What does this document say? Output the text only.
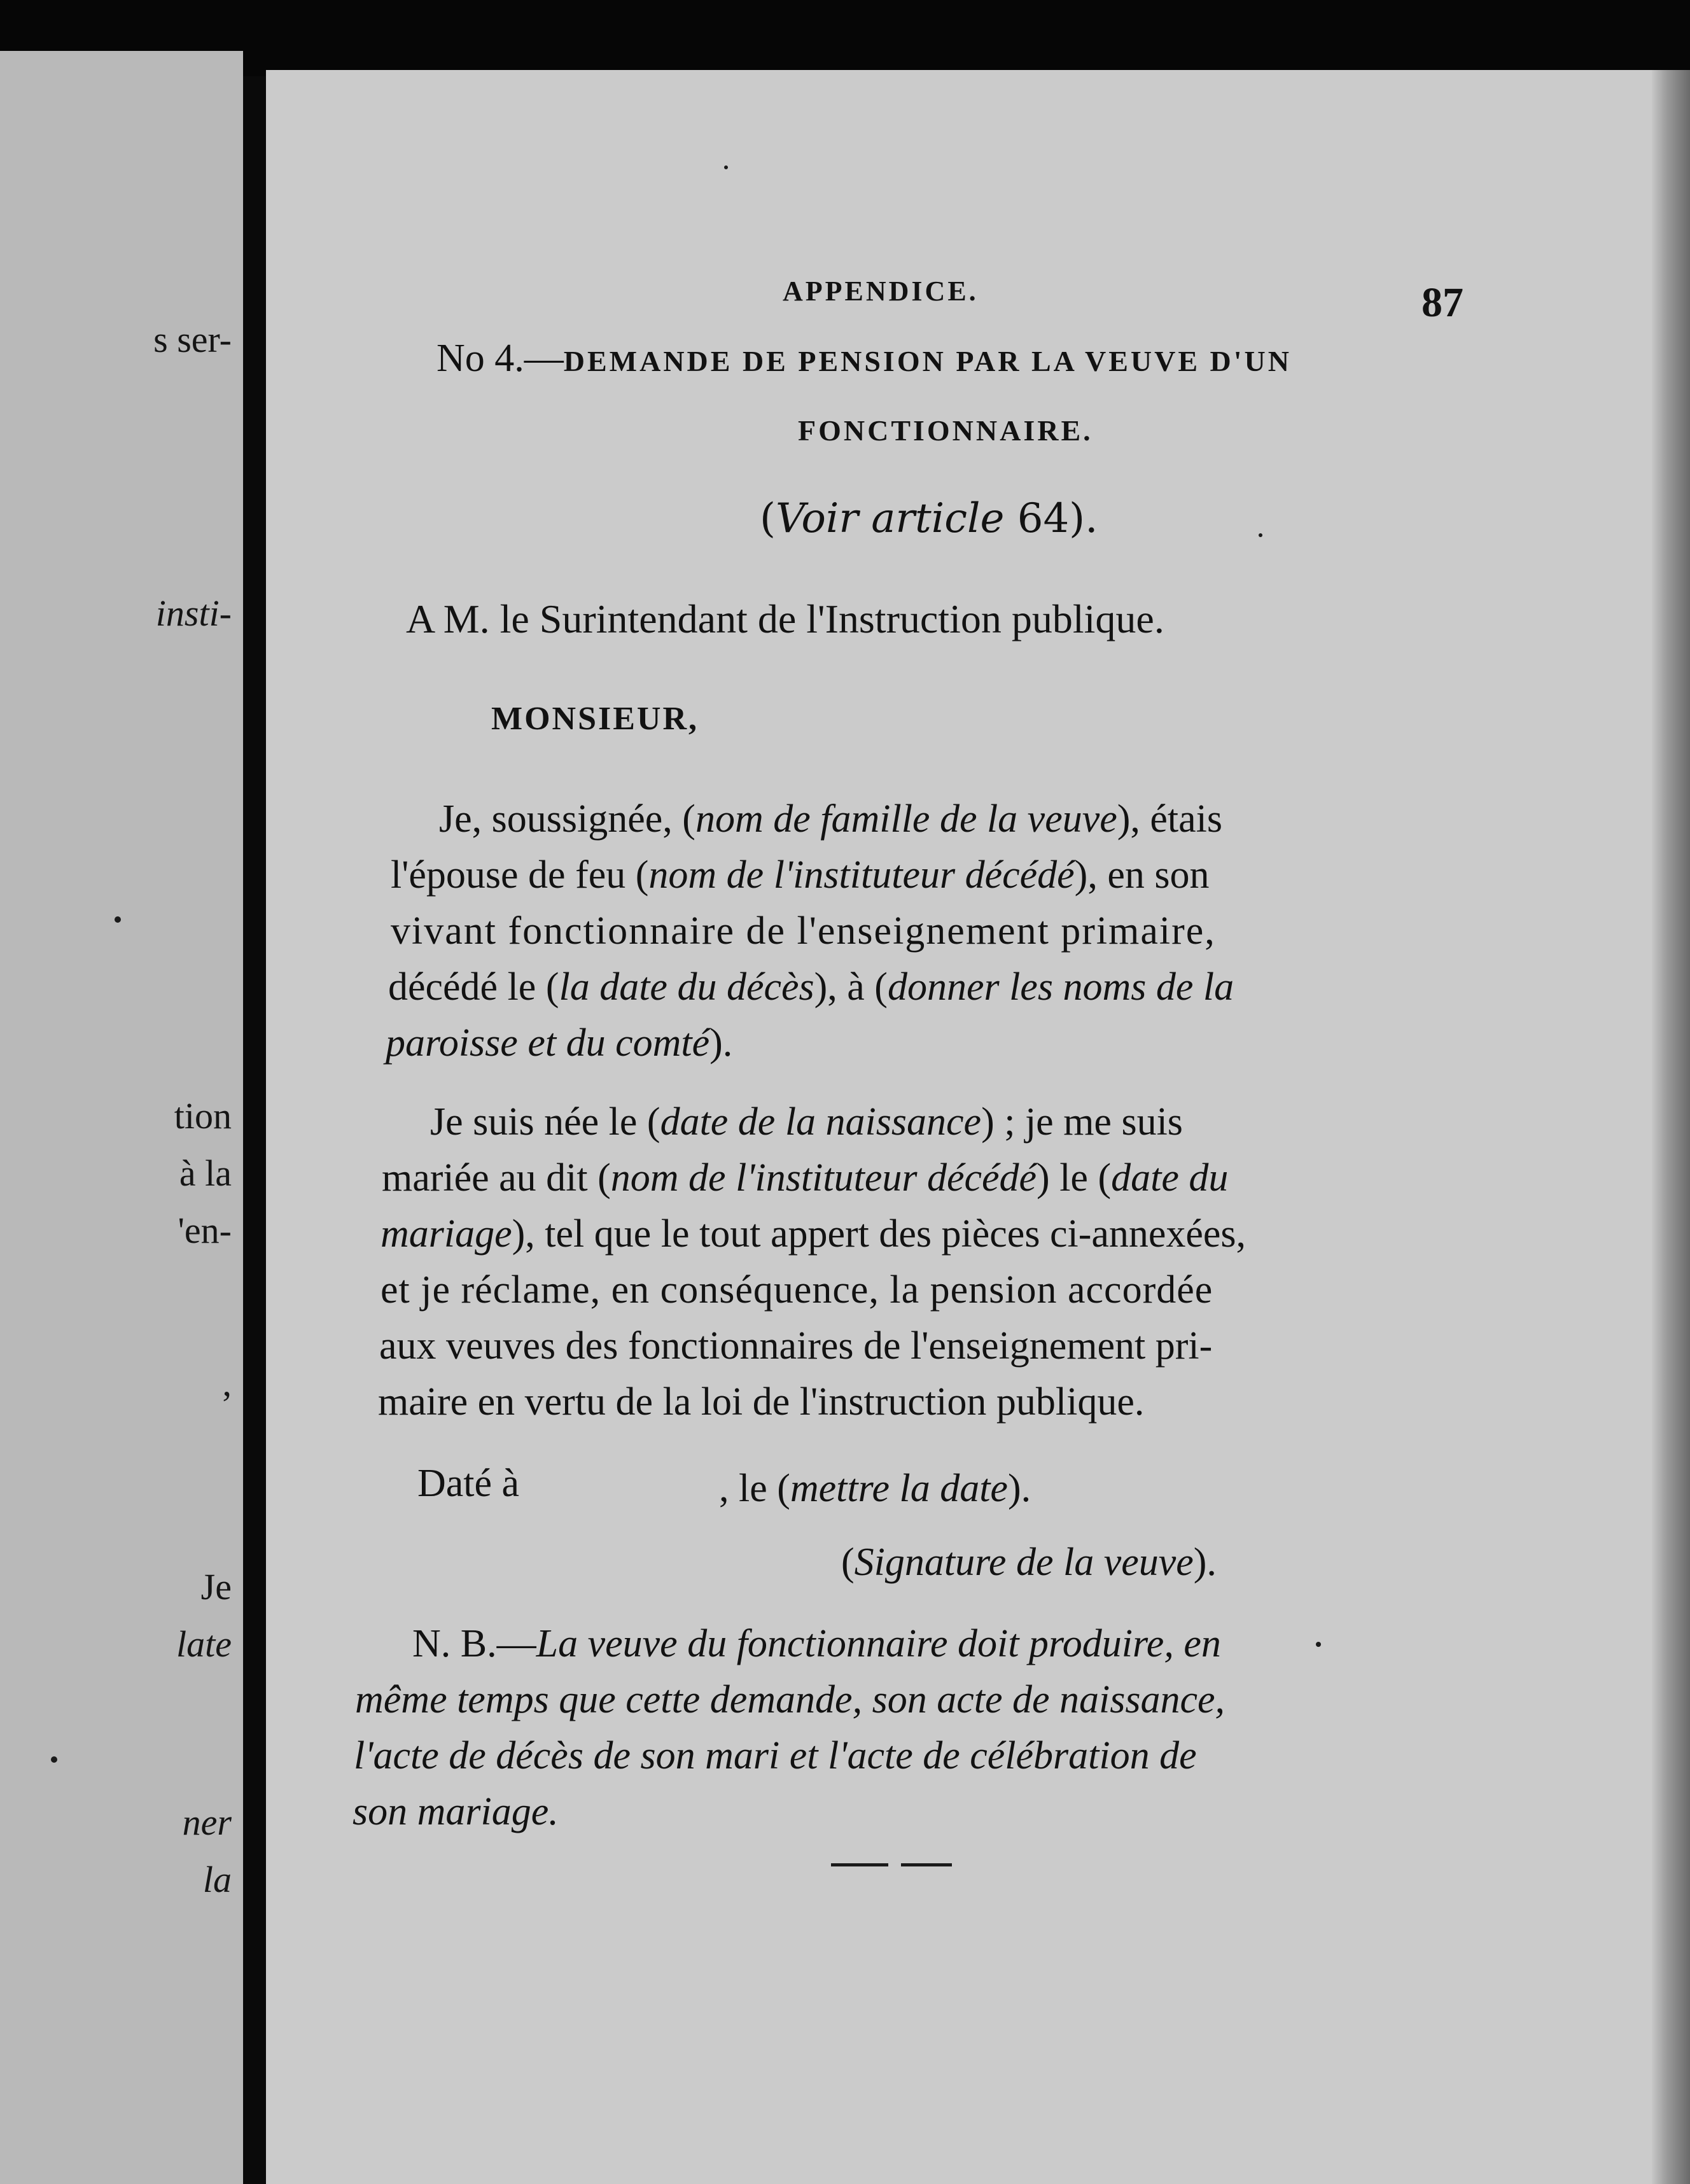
s ser-
insti-
tion
à la
'en-
,
Je
late
ner
la
APPENDICE.	87
No 4.—DEMANDE DE PENSION PAR LA VEUVE D'UN
FONCTIONNAIRE.
(Voir article 64).
A M. le Surintendant de l'Instruction publique.
MONSIEUR,
Je, soussignée, (nom de famille de la veuve), étais
l'épouse de feu (nom de l'instituteur décédé), en son
vivant fonctionnaire de l'enseignement primaire,
décédé le (la date du décès), à (donner les noms de la
paroisse et du comté).
Je suis née le (date de la naissance) ; je me suis
mariée au dit (nom de l'instituteur décédé) le (date du
mariage), tel que le tout appert des pièces ci-annexées,
et je réclame, en conséquence, la pension accordée
aux veuves des fonctionnaires de l'enseignement pri-
maire en vertu de la loi de l'instruction publique.
Daté à	, le (mettre la date).
(Signature de la veuve).
N. B.—La veuve du fonctionnaire doit produire, en
même temps que cette demande, son acte de naissance,
l'acte de décès de son mari et l'acte de célébration de
son mariage.
